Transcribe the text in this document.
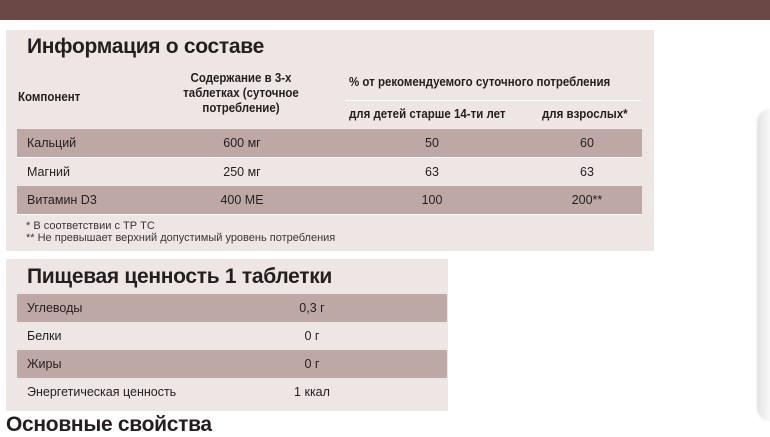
Информация о составе
Компонент
Содержание в 3-х таблетках (суточное потребление)
% от рекомендуемого суточного потребления
для детей старше 14-ти лет	для взрослых*
Кальций	600 мг	50	60
Магний	250 мг	63	63
Витамин D3	400 МЕ	100	200**
* В соответствии с ТР ТС
** Не превышает верхний допустимый уровень потребления
Пищевая ценность 1 таблетки
Углеводы	0,3 г
Белки	0 г
Жиры	0 г
Энергетическая ценность	1 ккал
Основные свойства
